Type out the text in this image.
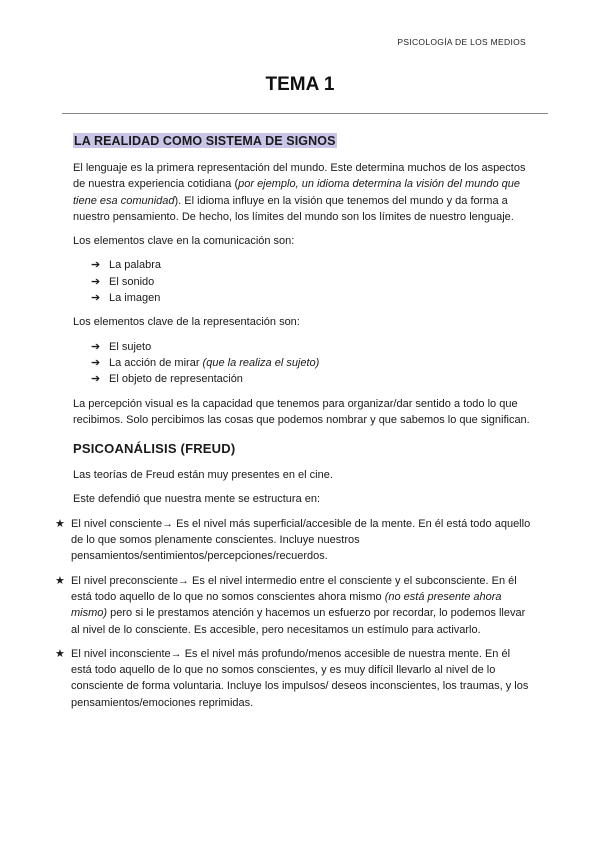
PSICOLOGÍA DE LOS MEDIOS
TEMA 1
LA REALIDAD COMO SISTEMA DE SIGNOS

El lenguaje es la primera representación del mundo. Este determina muchos de los aspectos de nuestra experiencia cotidiana (por ejemplo, un idioma determina la visión del mundo que tiene esa comunidad). El idioma influye en la visión que tenemos del mundo y da forma a nuestro pensamiento. De hecho, los límites del mundo son los límites de nuestro lenguaje.

Los elementos clave en la comunicación son:

➔ La palabra
➔ El sonido
➔ La imagen

Los elementos clave de la representación son:

➔ El sujeto
➔ La acción de mirar (que la realiza el sujeto)
➔ El objeto de representación

La percepción visual es la capacidad que tenemos para organizar/dar sentido a todo lo que recibimos. Solo percibimos las cosas que podemos nombrar y que sabemos lo que significan.

PSICOANÁLISIS (FREUD)

Las teorías de Freud están muy presentes en el cine.

Este defendió que nuestra mente se estructura en:

★ El nivel consciente→ Es el nivel más superficial/accesible de la mente. En él está todo aquello de lo que somos plenamente conscientes. Incluye nuestros pensamientos/sentimientos/percepciones/recuerdos.
★ El nivel preconsciente→ Es el nivel intermedio entre el consciente y el subconsciente. En él está todo aquello de lo que no somos conscientes ahora mismo (no está presente ahora mismo) pero si le prestamos atención y hacemos un esfuerzo por recordar, lo podemos llevar al nivel de lo consciente. Es accesible, pero necesitamos un estímulo para activarlo.
★ El nivel inconsciente→ Es el nivel más profundo/menos accesible de nuestra mente. En él está todo aquello de lo que no somos conscientes, y es muy difícil llevarlo al nivel de lo consciente de forma voluntaria. Incluye los impulsos/ deseos inconscientes, los traumas, y los pensamientos/emociones reprimidas.
